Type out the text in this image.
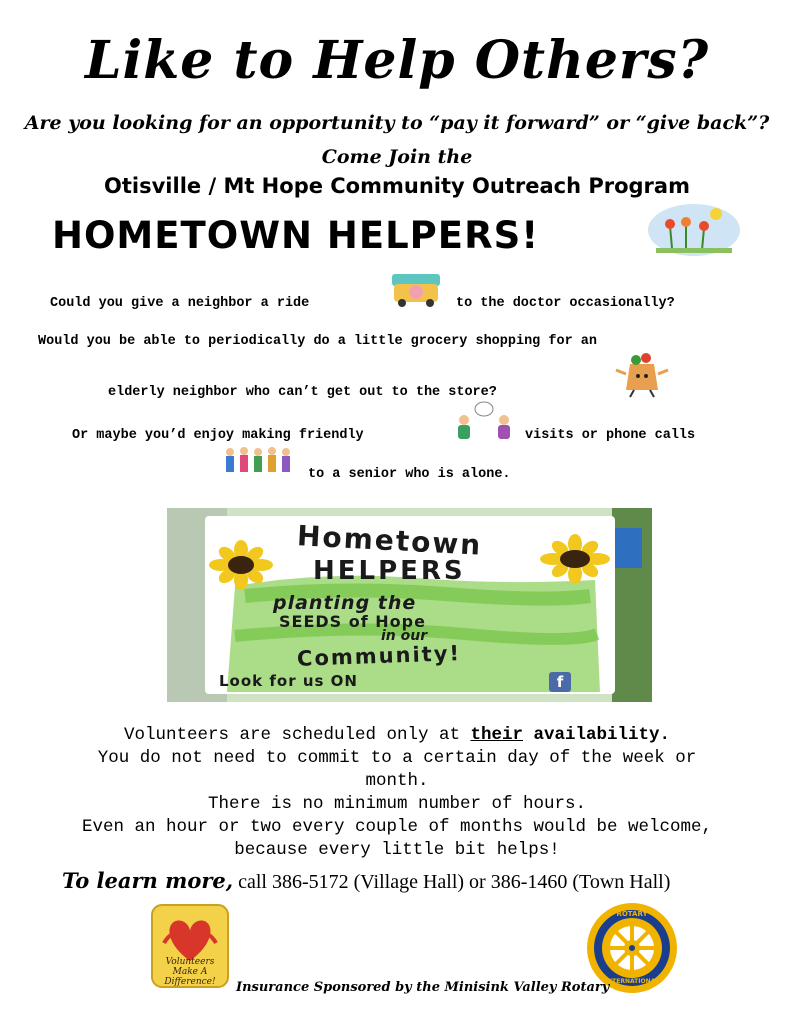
Like to Help Others?
Are you looking for an opportunity to “pay it forward” or “give back”?
Come Join the
Otisville / Mt Hope Community Outreach Program
HOMETOWN HELPERS!
Could you give a neighbor a ride	to the doctor occasionally?
Would you be able to periodically do a little grocery shopping for an
elderly neighbor who can’t get out to the store?
Or maybe you’d enjoy making friendly	visits or phone calls
to a senior who is alone.
Hometown
HELPERS
planting the
SEEDS of Hope
in our
Community!
Look for us ON	f
Volunteers are scheduled only at their availability.
You do not need to commit to a certain day of the week or
month.
There is no minimum number of hours.
Even an hour or two every couple of months would be welcome,
because every little bit helps!
To learn more, call 386-5172 (Village Hall) or 386-1460 (Town Hall)
Volunteers Make A Difference!
ROTARY
INTERNATIONAL
Insurance Sponsored by the Minisink Valley Rotary
